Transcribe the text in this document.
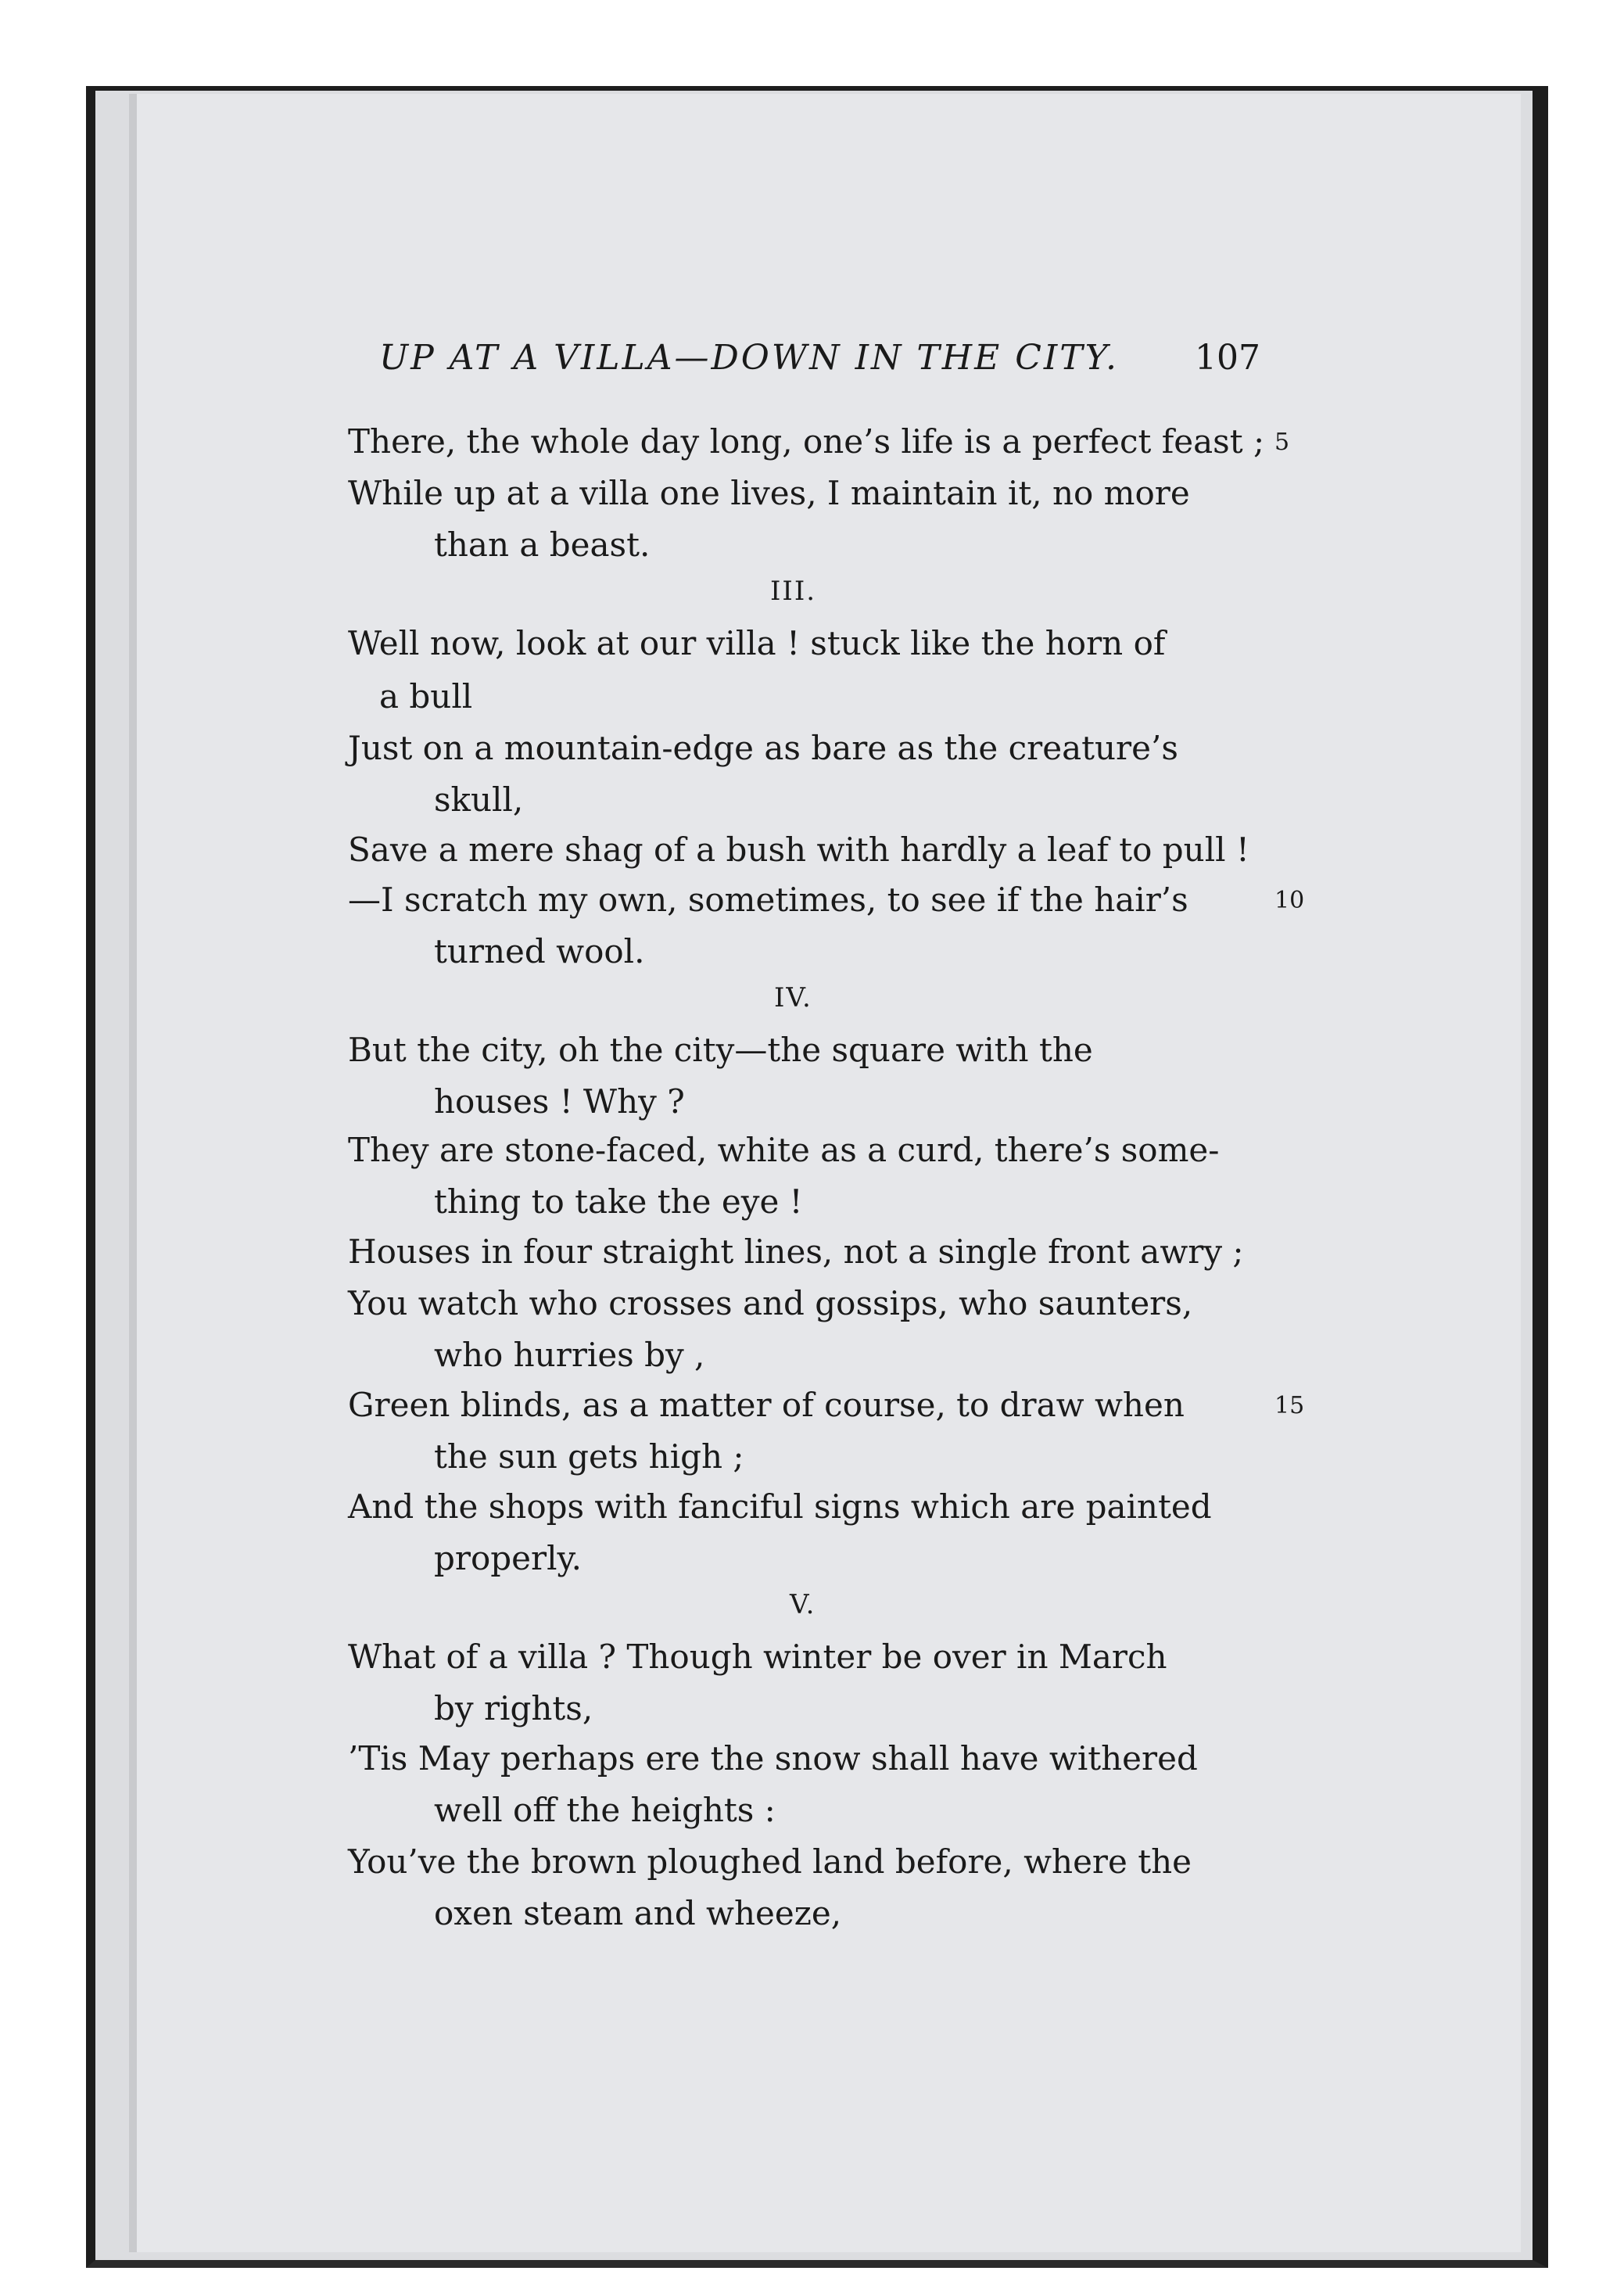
UP AT A VILLA—DOWN IN THE CITY. 107
There, the whole day long, one’s life is a perfect feast ; 5
While up at a villa one lives, I maintain it, no more
than a beast.
III.
Well now, look at our villa ! stuck like the horn of
a bull
Just on a mountain-edge as bare as the creature’s
skull,
Save a mere shag of a bush with hardly a leaf to pull !
—I scratch my own, sometimes, to see if the hair’s	10
turned wool.
IV.
But the city, oh the city—the square with the
houses ! Why ?
They are stone-faced, white as a curd, there’s some-
thing to take the eye !
Houses in four straight lines, not a single front awry ;
You watch who crosses and gossips, who saunters,
who hurries by ,
Green blinds, as a matter of course, to draw when	15
the sun gets high ;
And the shops with fanciful signs which are painted
properly.
V.
What of a villa ? Though winter be over in March
by rights,
’Tis May perhaps ere the snow shall have withered
well off the heights :
You’ve the brown ploughed land before, where the
oxen steam and wheeze,
